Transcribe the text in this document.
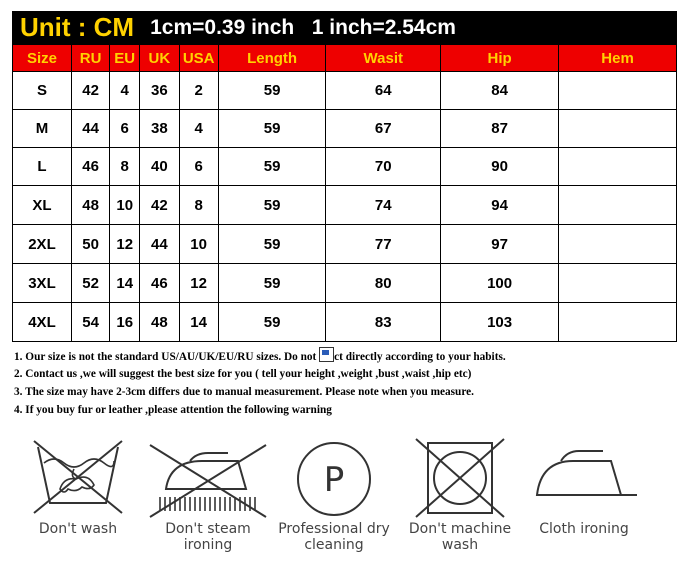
Unit : CM 1cm=0.39 inch   1 inch=2.54cm
Size	RU	EU	UK	USA	Length	Wasit	Hip	Hem
S	42	4	36	2	59	64	84	
M	44	6	38	4	59	67	87	
L	46	8	40	6	59	70	90	
XL	48	10	42	8	59	74	94	
2XL	50	12	44	10	59	77	97	
3XL	52	14	46	12	59	80	100	
4XL	54	16	48	14	59	83	103	
1. Our size is not the standard US/AU/UK/EU/RU sizes. Do not ct directly according to your habits.
2. Contact us ,we will suggest the best size for you ( tell your height ,weight ,bust ,waist ,hip etc)
3. The size may have 2-3cm differs due to manual measurement. Please note when you measure.
4. If you buy fur or leather ,please attention the following warning
Don't wash	Don't steam ironing
P
Professional dry cleaning
Don't machine wash
Cloth ironing
